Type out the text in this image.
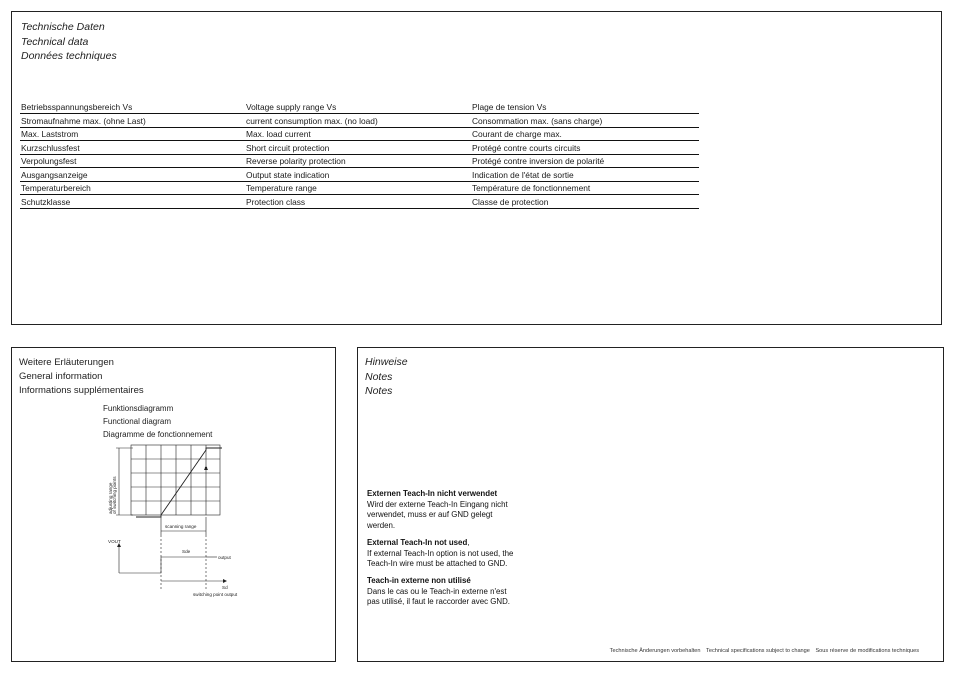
Technische Daten
Technical data
Données techniques
Betriebsspannungsbereich Vs	Voltage supply range Vs	Plage de tension Vs
Stromaufnahme max. (ohne Last)	current consumption max. (no load)	Consommation max. (sans charge)
Max. Laststrom	Max. load current	Courant de charge max.
Kurzschlussfest	Short circuit protection	Protégé contre courts circuits
Verpolungsfest	Reverse polarity protection	Protégé contre inversion de polarité
Ausgangsanzeige	Output state indication	Indication de l'état de sortie
Temperaturbereich	Temperature range	Température de fonctionnement
Schutzklasse	Protection class	Classe de protection
Weitere Erläuterungen
General information
Informations supplémentaires
Funktionsdiagramm
Functional diagram
Diagramme de fonctionnement
adjusting range of switching points
scanning range
VOUT
Sde
output
Sd
switching point output
Hinweise
Notes
Notes
Externen Teach-In nicht verwendet
Wird der externe Teach-In Eingang nicht
verwendet, muss er auf GND gelegt
werden.
External Teach-In not used,
If external Teach-In option is not used, the
Teach-In wire must be attached to GND.
Teach-in externe non utilisé
Dans le cas ou le Teach-in externe n'est
pas utilisé, il faut le raccorder avec GND.
Technische Änderungen vorbehalten Technical specifications subject to change Sous réserve de modifications techniques
